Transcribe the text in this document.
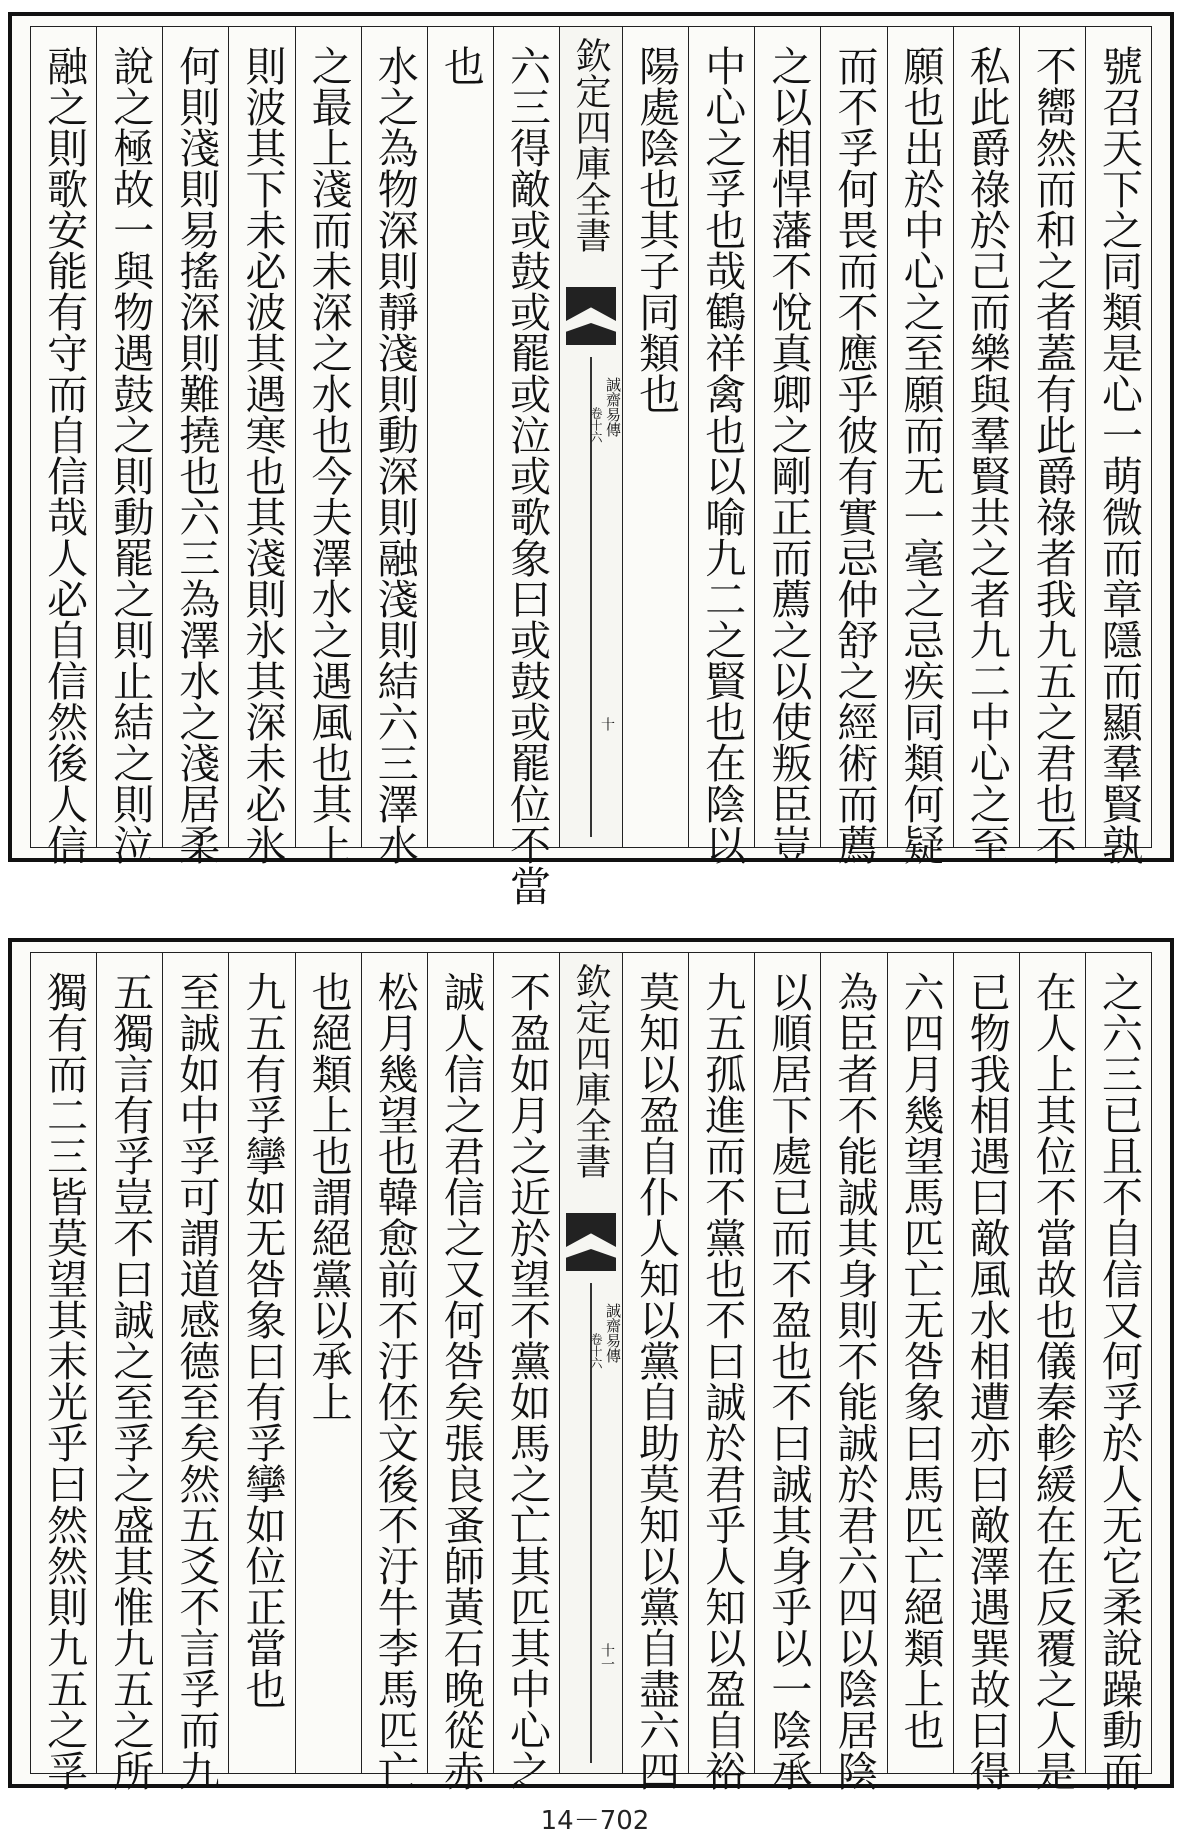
號召天下之同類是心一萌微而章隱而顯羣賢孰
不嚮然而和之者蓋有此爵祿者我九五之君也不
私此爵祿於己而樂與羣賢共之者九二中心之至
願也出於中心之至願而无一毫之忌疾同類何疑
而不孚何畏而不應乎彼有實忌仲舒之經術而薦
之以相悍藩不悅真卿之剛正而薦之以使叛臣豈
中心之孚也哉鶴祥禽也以喻九二之賢也在陰以
陽處陰也其子同類也
欽定四庫全書
誠齋易傳
卷十六
十
六三得敵或鼓或罷或泣或歌象曰或鼓或罷位不當
也
水之為物深則靜淺則動深則融淺則結六三澤水
之最上淺而未深之水也今夫澤水之遇風也其上
則波其下未必波其遇寒也其淺則氷其深未必氷
何則淺則易搖深則難撓也六三為澤水之淺居柔
說之極故一與物遇鼓之則動罷之則止結之則泣
融之則歌安能有守而自信哉人必自信然後人信
之六三已且不自信又何孚於人无它柔說躁動而
在人上其位不當故也儀秦軫緩在在反覆之人是
已物我相遇曰敵風水相遭亦曰敵澤遇巽故曰得
六四月幾望馬匹亡无咎象曰馬匹亡絕類上也
為臣者不能誠其身則不能誠於君六四以陰居陰
以順居下處已而不盈也不曰誠其身乎以一陰承
九五孤進而不黨也不曰誠於君乎人知以盈自裕
莫知以盈自仆人知以黨自助莫知以黨自盡六四
欽定四庫全書
誠齋易傳
卷十六
十一
不盈如月之近於望不黨如馬之亡其匹其中心之
誠人信之君信之又何咎矣張良蚤師黃石晚從赤
松月幾望也韓愈前不汙伾文後不汙牛李馬匹亡
也絕類上也謂絕黨以承上
九五有孚攣如无咎象曰有孚攣如位正當也
至誠如中孚可謂道感德至矣然五爻不言孚而九
五獨言有孚豈不曰誠之至孚之盛其惟九五之所
獨有而二三皆莫望其末光乎曰然然則九五之孚
14－702
